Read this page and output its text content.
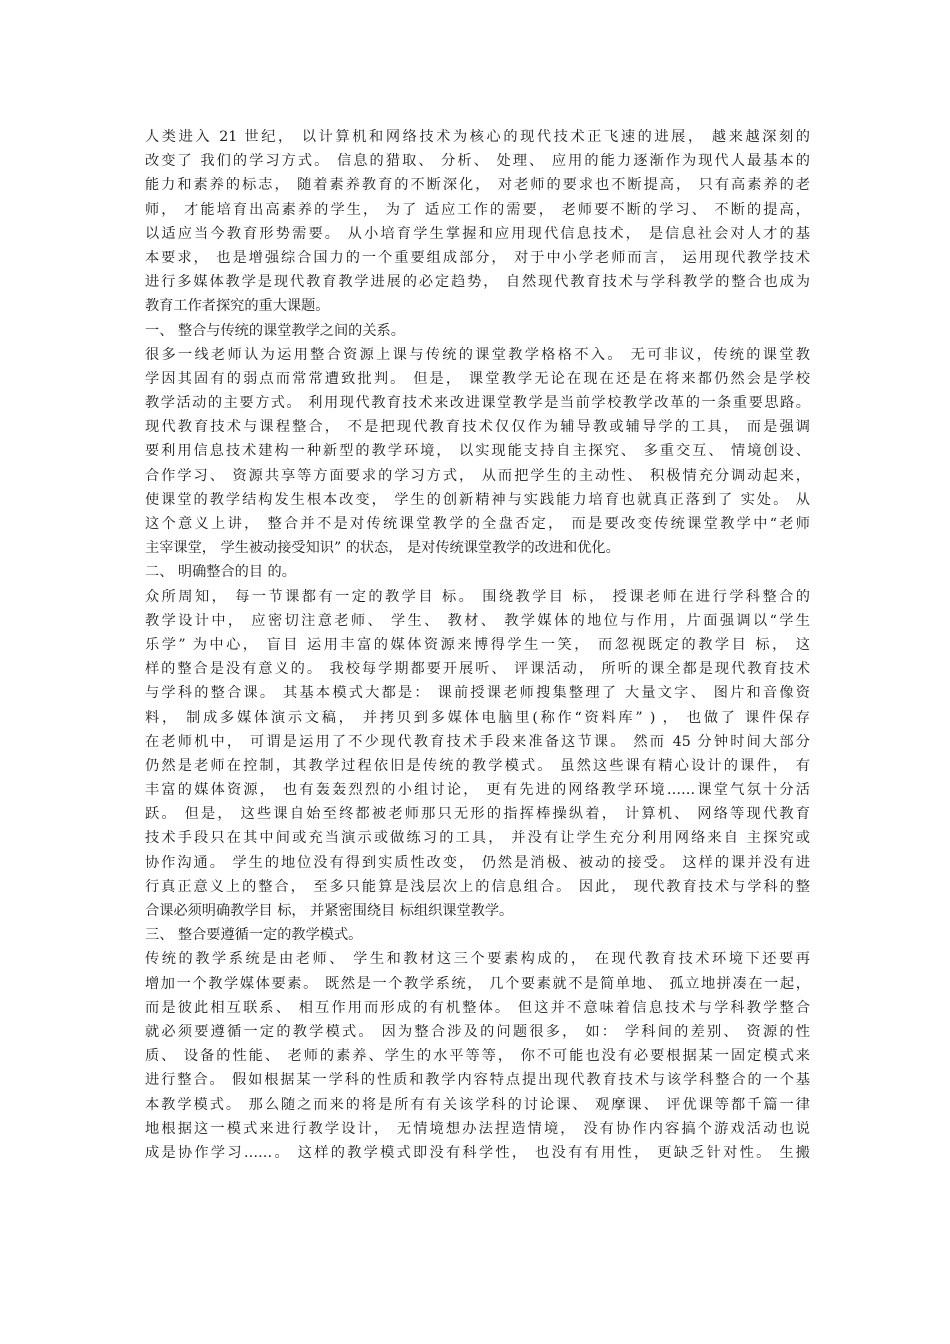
人类进入 21 世纪， 以计算机和网络技术为核心的现代技术正飞速的进展， 越来越深刻的
改变了 我们的学习方式。 信息的猎取、 分析、 处理、 应用的能力逐渐作为现代人最基本的
能力和素养的标志， 随着素养教育的不断深化， 对老师的要求也不断提高， 只有高素养的老
师， 才能培育出高素养的学生， 为了 适应工作的需要， 老师要不断的学习、 不断的提高，
以适应当今教育形势需要。 从小培育学生掌握和应用现代信息技术， 是信息社会对人才的基
本要求， 也是增强综合国力的一个重要组成部分， 对于中小学老师而言， 运用现代教学技术
进行多媒体教学是现代教育教学进展的必定趋势， 自然现代教育技术与学科教学的整合也成为
教育工作者探究的重大课题。
一、 整合与传统的课堂教学之间的关系。
很多一线老师认为运用整合资源上课与传统的课堂教学格格不入。 无可非议，传统的课堂教
学因其固有的弱点而常常遭致批判。 但是， 课堂教学无论在现在还是在将来都仍然会是学校
教学活动的主要方式。 利用现代教育技术来改进课堂教学是当前学校教学改革的一条重要思路。
现代教育技术与课程整合， 不是把现代教育技术仅仅作为辅导教或辅导学的工具， 而是强调
要利用信息技术建构一种新型的教学环境， 以实现能支持自主探究、 多重交互、 情境创设、
合作学习、 资源共享等方面要求的学习方式， 从而把学生的主动性、 积极情充分调动起来，
使课堂的教学结构发生根本改变， 学生的创新精神与实践能力培育也就真正落到了 实处。 从
这个意义上讲， 整合并不是对传统课堂教学的全盘否定， 而是要改变传统课堂教学中“老师
主宰课堂， 学生被动接受知识” 的状态， 是对传统课堂教学的改进和优化。
二、 明确整合的目 的。
众所周知， 每一节课都有一定的教学目 标。 围绕教学目 标， 授课老师在进行学科整合的
教学设计中， 应密切注意老师、 学生、 教材、 教学媒体的地位与作用，片面强调以“学生
乐学” 为中心， 盲目 运用丰富的媒体资源来博得学生一笑， 而忽视既定的教学目 标， 这
样的整合是没有意义的。 我校每学期都要开展听、 评课活动， 所听的课全都是现代教育技术
与学科的整合课。 其基本模式大都是： 课前授课老师搜集整理了 大量文字、 图片和音像资
料， 制成多媒体演示文稿， 并拷贝到多媒体电脑里(称作“资料库” ) ， 也做了 课件保存
在老师机中， 可谓是运用了不少现代教育技术手段来准备这节课。 然而 45 分钟时间大部分
仍然是老师在控制，其教学过程依旧是传统的教学模式。 虽然这些课有精心设计的课件， 有
丰富的媒体资源， 也有轰轰烈烈的小组讨论， 更有先进的网络教学环境……课堂气氛十分活
跃。 但是， 这些课自始至终都被老师那只无形的指挥棒操纵着， 计算机、 网络等现代教育
技术手段只在其中间或充当演示或做练习的工具， 并没有让学生充分利用网络来自 主探究或
协作沟通。 学生的地位没有得到实质性改变， 仍然是消极、被动的接受。 这样的课并没有进
行真正意义上的整合， 至多只能算是浅层次上的信息组合。 因此， 现代教育技术与学科的整
合课必须明确教学目 标， 并紧密围绕目 标组织课堂教学。
三、 整合要遵循一定的教学模式。
传统的教学系统是由老师、 学生和教材这三个要素构成的， 在现代教育技术环境下还要再
增加一个教学媒体要素。 既然是一个教学系统， 几个要素就不是简单地、 孤立地拼凑在一起，
而是彼此相互联系、 相互作用而形成的有机整体。 但这并不意味着信息技术与学科教学整合
就必须要遵循一定的教学模式。 因为整合涉及的问题很多， 如： 学科间的差别、 资源的性
质、 设备的性能、 老师的素养、学生的水平等等， 你不可能也没有必要根据某一固定模式来
进行整合。 假如根据某一学科的性质和教学内容特点提出现代教育技术与该学科整合的一个基
本教学模式。 那么随之而来的将是所有有关该学科的讨论课、 观摩课、 评优课等都千篇一律
地根据这一模式来进行教学设计， 无情境想办法捏造情境， 没有协作内容搞个游戏活动也说
成是协作学习……。 这样的教学模式即没有科学性， 也没有有用性， 更缺乏针对性。 生搬
